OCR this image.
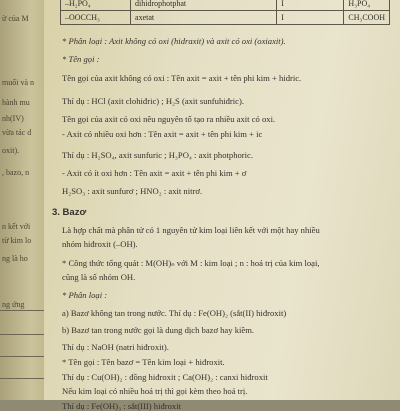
ừ của M
muối và n
hành mu
nh(IV)
vừa tác d
oxit).
, bazo, n
n kết với
từ kim lo
ng là ho
ng ứng
–H₂PO₄	dihidrophotphat	I	H₃PO₄
–OOCCH₃	axetat	I	CH₃COOH
* Phân loại : Axit không có oxi (hidraxit) và axit có oxi (oxiaxit).
* Tên gọi :
Tên gọi của axit không có oxi : Tên axit = axit + tên phi kim + hidric.
Thí dụ : HCl (axit clohiđric) ; H₂S (axit sunfuhiđric).
Tên gọi của axit có oxi nêu nguyên tố tạo ra nhiều axit có oxi.
- Axit có nhiều oxi hơn : Tên axit = axit + tên phi kim + ic
Thí dụ : H₂SO₄, axit sunfuric ; H₃PO₄ : axit photphoric.
- Axit có ít oxi hơn : Tên axit = axit + tên phi kim + ơ
H₂SO₃ : axit sunfurơ ; HNO₂ : axit nitrơ.
3. Bazơ
Là hợp chất mà phân tử có 1 nguyên tử kim loại liên kết với một hay nhiều
nhóm hiđroxit (–OH).
* Công thức tổng quát : M(OH)ₙ với M : kim loại ; n : hoá trị của kim loại,
cũng là số nhóm OH.
* Phân loại :
a) Bazơ không tan trong nước. Thí dụ : Fe(OH)₂ (sắt(II) hiđroxit)
b) Bazơ tan trong nước gọi là dung dịch bazơ hay kiềm.
Thí dụ : NaOH (natri hiđroxit).
* Tên gọi : Tên bazơ = Tên kim loại + hiđroxit.
Thí dụ : Cu(OH)₂ : đồng hiđroxit ; Ca(OH)₂ : canxi hiđroxit
Nếu kim loại có nhiều hoá trị thì gọi kèm theo hoá trị.
Thí dụ : Fe(OH)₃ : sắt(III) hiđroxit
